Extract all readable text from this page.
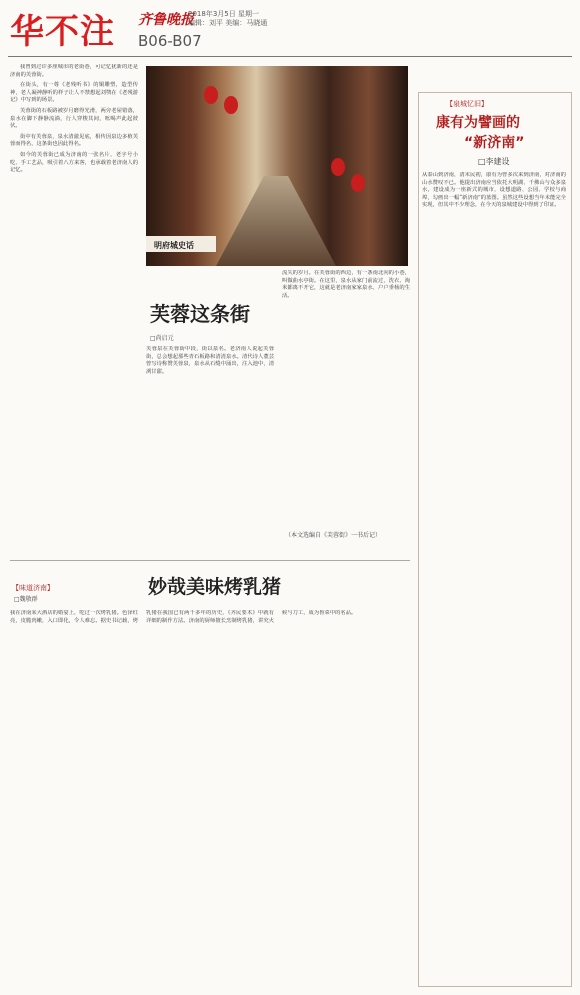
华不注 齐鲁晚报
2018年3月5日 星期一
编辑：刘平 美编：马晓通
B06-B07

我曾到过许多座城市的老街巷，可记忆犹新的还是济南的芙蓉街。

在街头，有一尊《老残听书》的铜雕塑，造型传神，老人凝神静听的样子让人不禁想起刘鹗在《老残游记》中写到的场景。

芙蓉街的石板路被岁月磨得光滑，两旁老屋错落，泉水在脚下静静流淌，行人穿梭其间，吆喝声此起彼伏。

街中有芙蓉泉，泉水清澈见底，相传因泉边多植芙蓉而得名，这条街也因此得名。

如今的芙蓉街已成为济南的一张名片，老字号小吃、手工艺品，吸引着八方来客，也承载着老济南人的记忆。

明府城史话
芙蓉这条街
□尚启元
芙蓉泉在芙蓉街中段，街以泉名。老济南人说起芙蓉街，总会想起那些青石板路和清清泉水。清代诗人董芸曾写诗称赞芙蓉泉，泉水从石缝中涌出，注入池中，清冽甘甜。
流失的岁月。在芙蓉街的西边，有一条南北向的小巷，叫做曲水亭街。在这里，泉水从家门前流过，洗衣、淘米都离不开它，这就是老济南家家泉水、户户垂杨的生活。
（本文选编自《芙蓉街》一书后记）
【味道济南】
□魏敬群
妙哉美味烤乳猪
我在济南某大酒店的婚宴上，吃过一次烤乳猪。色泽红亮，皮脆肉嫩，入口即化，令人难忘。据史书记载，烤乳猪在我国已有两千多年的历史，《齐民要术》中就有详细的制作方法。济南的厨师擅长烹制烤乳猪，讲究火候与刀工，成为鲁菜中的名品。
【泉城忆旧】
康有为譬画的
“新济南”
□李建设
从泰山到济南，清末民初，康有为曾多次来到济南，对济南的山水赞叹不已。他提出济南应当依托大明湖、千佛山与众多泉水，建设成为一座新式的城市，设想道路、公园、学校与商埠，勾画出一幅“新济南”的蓝图。虽然这些设想当年未能完全实现，但其中不少理念，在今天的泉城建设中得到了印证。
